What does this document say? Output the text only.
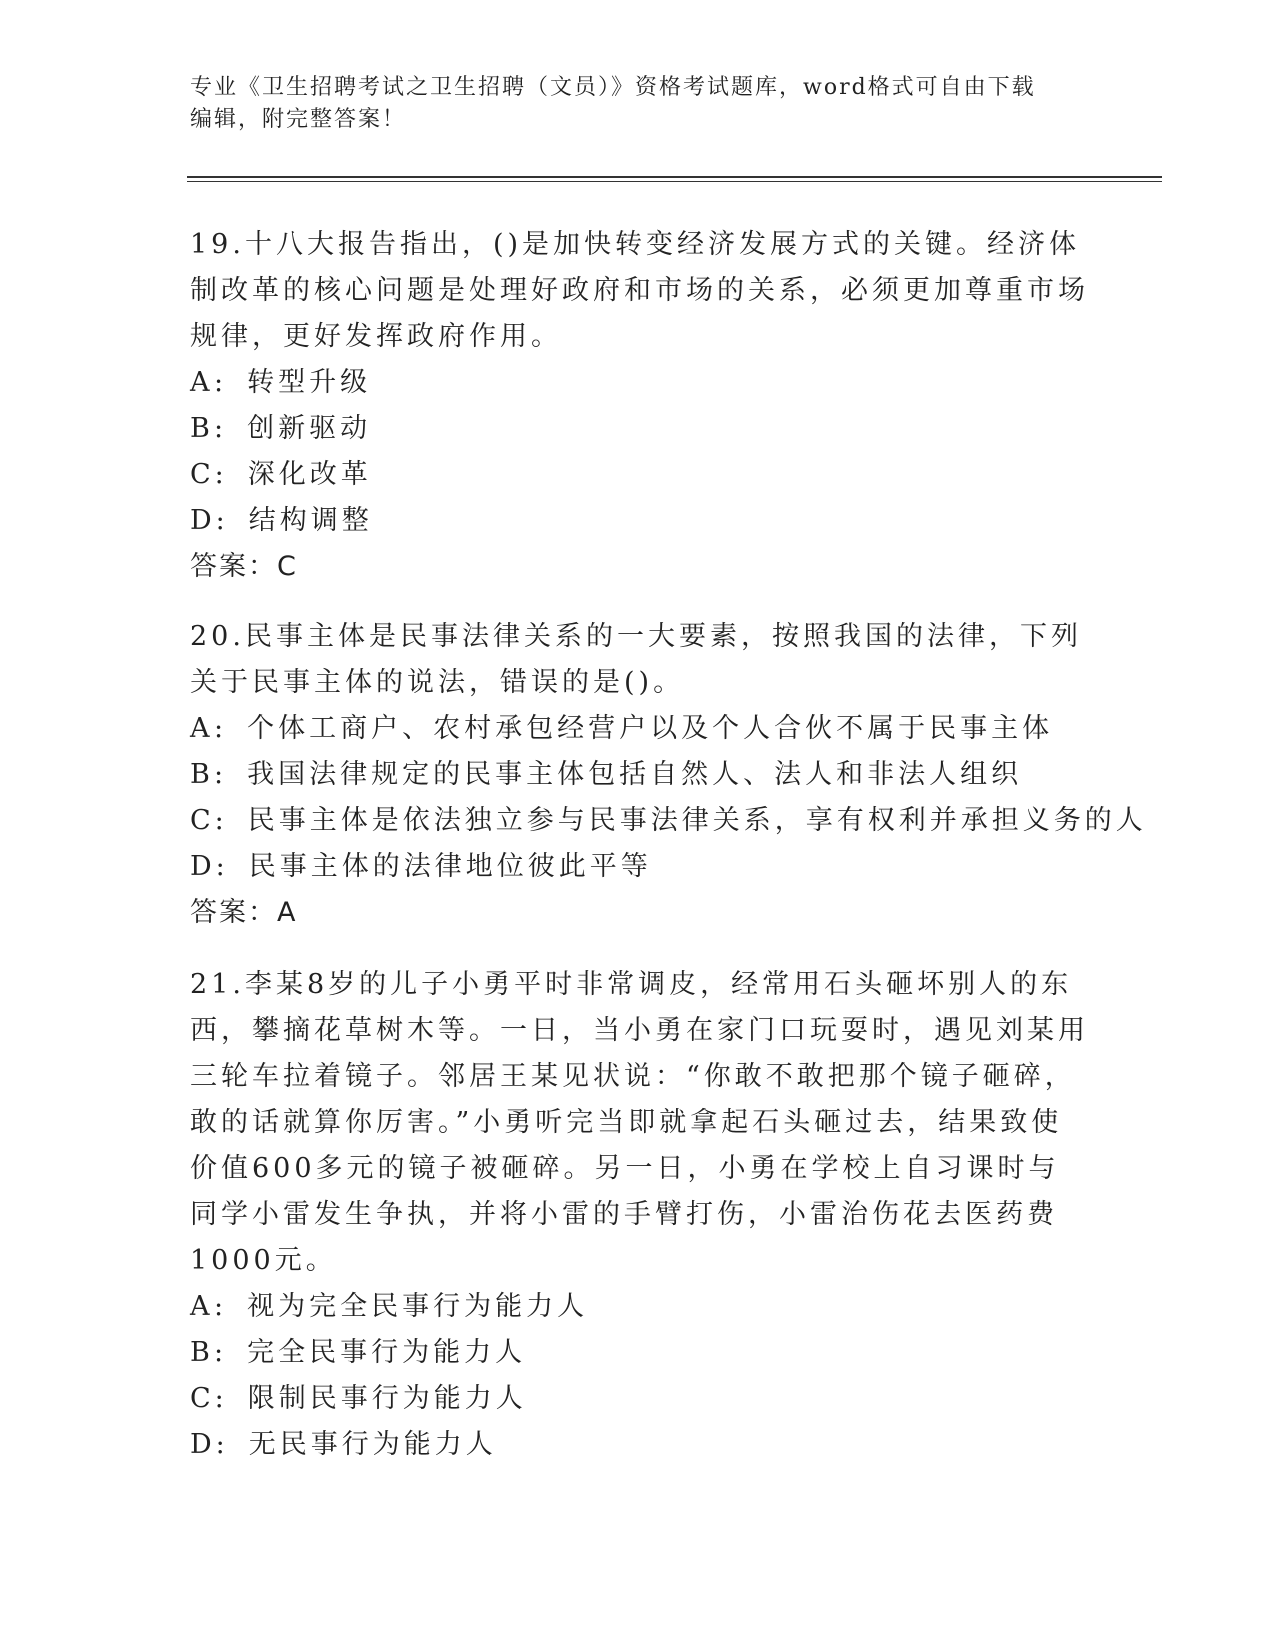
专业《卫生招聘考试之卫生招聘（文员）》资格考试题库，word格式可自由下载
编辑，附完整答案！

19.十八大报告指出，()是加快转变经济发展方式的关键。经济体制改革的核心问题是处理好政府和市场的关系，必须更加尊重市场规律，更好发挥政府作用。

A: 转型升级

B: 创新驱动

C: 深化改革

D: 结构调整

答案：C

20.民事主体是民事法律关系的一大要素，按照我国的法律，下列关于民事主体的说法，错误的是()。

A: 个体工商户、农村承包经营户以及个人合伙不属于民事主体

B: 我国法律规定的民事主体包括自然人、法人和非法人组织

C: 民事主体是依法独立参与民事法律关系，享有权利并承担义务的人

D: 民事主体的法律地位彼此平等

答案：A

21.李某8岁的儿子小勇平时非常调皮，经常用石头砸坏别人的东西，攀摘花草树木等。一日，当小勇在家门口玩耍时，遇见刘某用三轮车拉着镜子。邻居王某见状说：“你敢不敢把那个镜子砸碎，敢的话就算你厉害。”小勇听完当即就拿起石头砸过去，结果致使价值600多元的镜子被砸碎。另一日，小勇在学校上自习课时与同学小雷发生争执，并将小雷的手臂打伤，小雷治伤花去医药费1000元。

A: 视为完全民事行为能力人

B: 完全民事行为能力人

C: 限制民事行为能力人

D: 无民事行为能力人
